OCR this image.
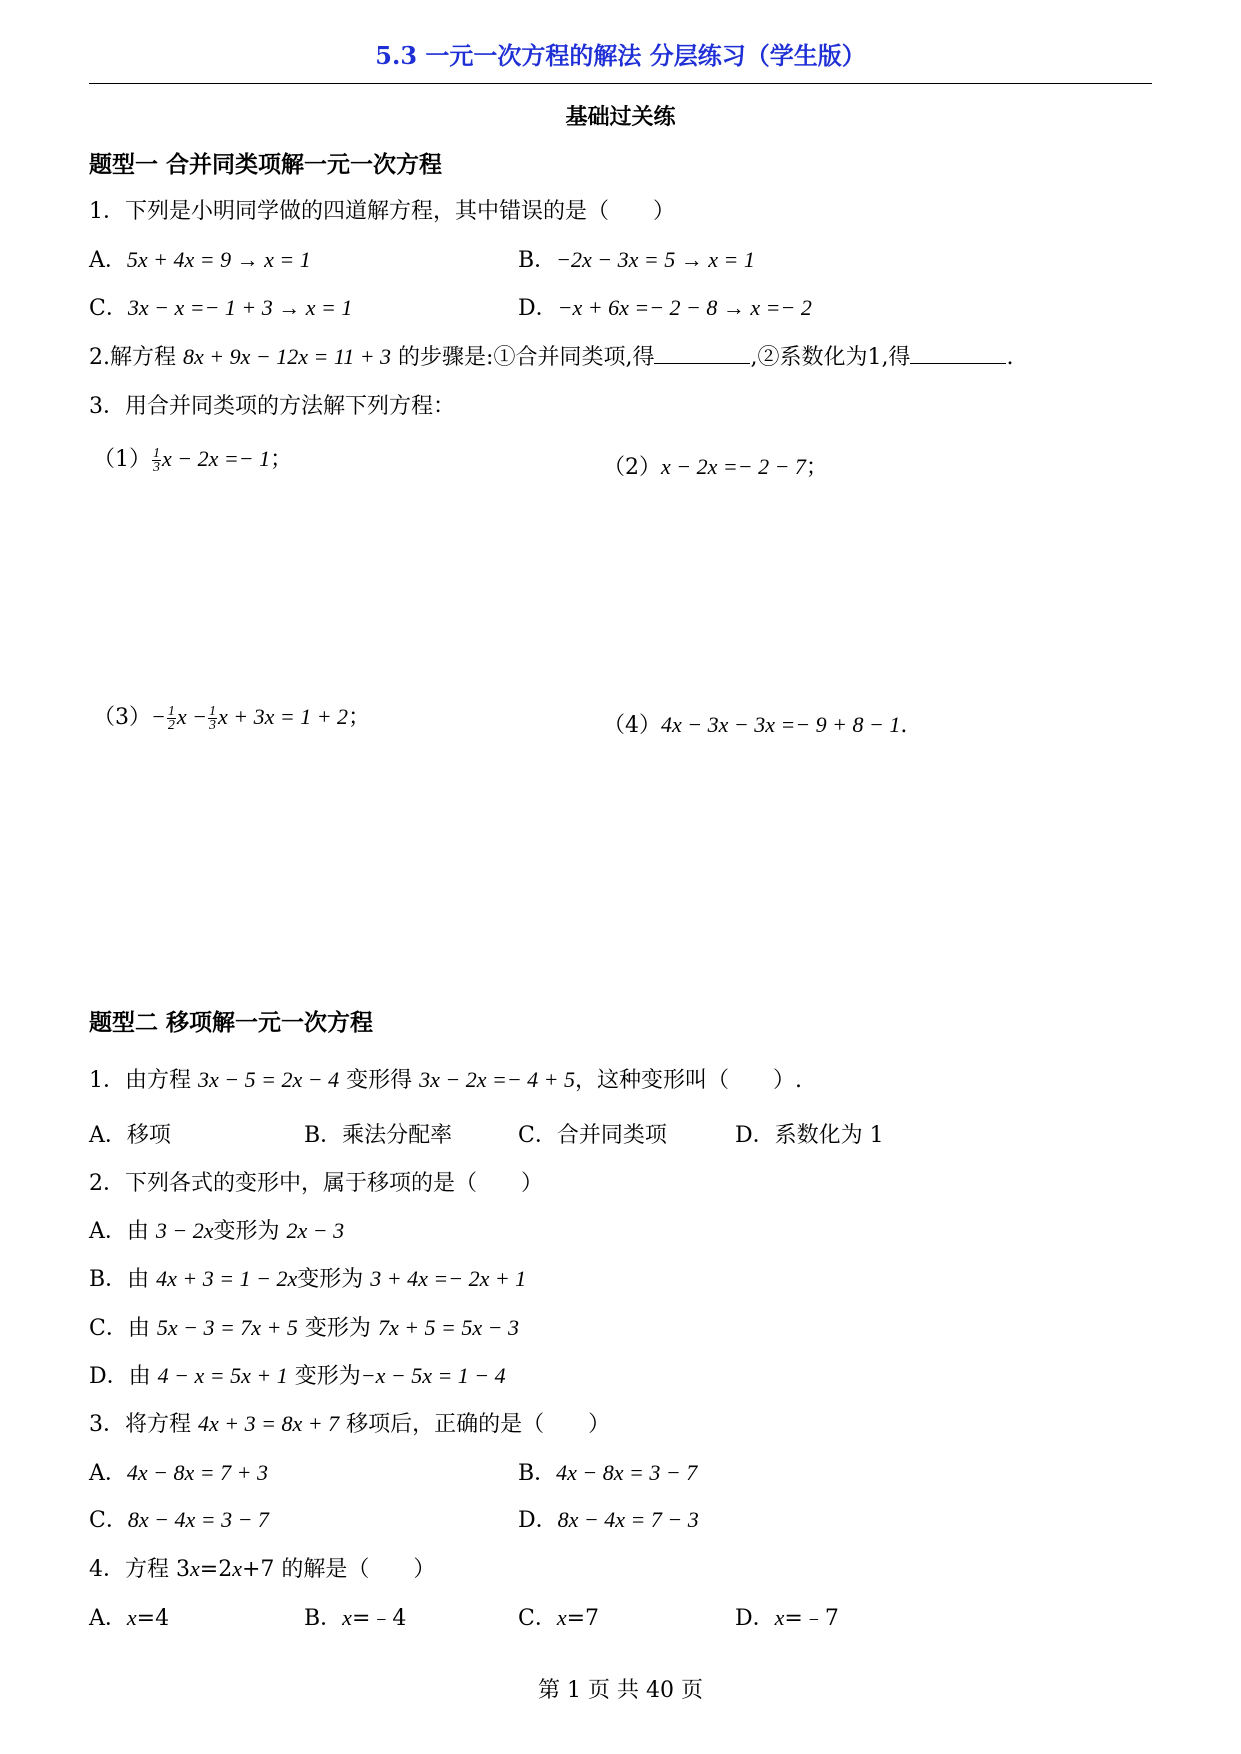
5.3 一元一次方程的解法 分层练习（学生版）
基础过关练
题型一 合并同类项解一元一次方程
1．下列是小明同学做的四道解方程，其中错误的是（　　）
A．5x + 4x = 9 → x = 1	B．−2x − 3x = 5 → x = 1
C．3x − x =− 1 + 3 → x = 1	D．−x + 6x =− 2 − 8 → x =− 2
2.解方程 8x + 9x − 12x = 11 + 3 的步骤是:①合并同类项,得	,②系数化为1,得	.
3．用合并同类项的方法解下列方程：
$(1) \frac{1}{3}$ x − 2x =− 1；	（2）x − 2x =− 2 − 7；
$(3)- \frac{1}{2}$ $x - \frac{1}{3}$ x + 3x = 1 + 2；	（4）4x − 3x − 3x =− 9 + 8 − 1.
题型二 移项解一元一次方程
1．由方程 3x − 5 = 2x − 4 变形得 3x − 2x =− 4 + 5，这种变形叫（　　）.
A．移项	B．乘法分配率	C．合并同类项	D．系数化为 1
2．下列各式的变形中，属于移项的是（　　）
A．由 3 − 2x变形为 2x − 3
B．由 4x + 3 = 1 − 2x变形为 3 + 4x =− 2x + 1
C．由 5x − 3 = 7x + 5 变形为 7x + 5 = 5x − 3
D．由 4 − x = 5x + 1 变形为−x − 5x = 1 − 4
3．将方程 4x + 3 = 8x + 7 移项后，正确的是（　　）
A．4x − 8x = 7 + 3	B．4x − 8x = 3 − 7
C．8x − 4x = 3 − 7	D．8x − 4x = 7 − 3
4．方程 3x=2x+7 的解是（　　）
A．x=4	B．x=﹣4	C．x=7	D．x=﹣7
第 1 页 共 40 页
